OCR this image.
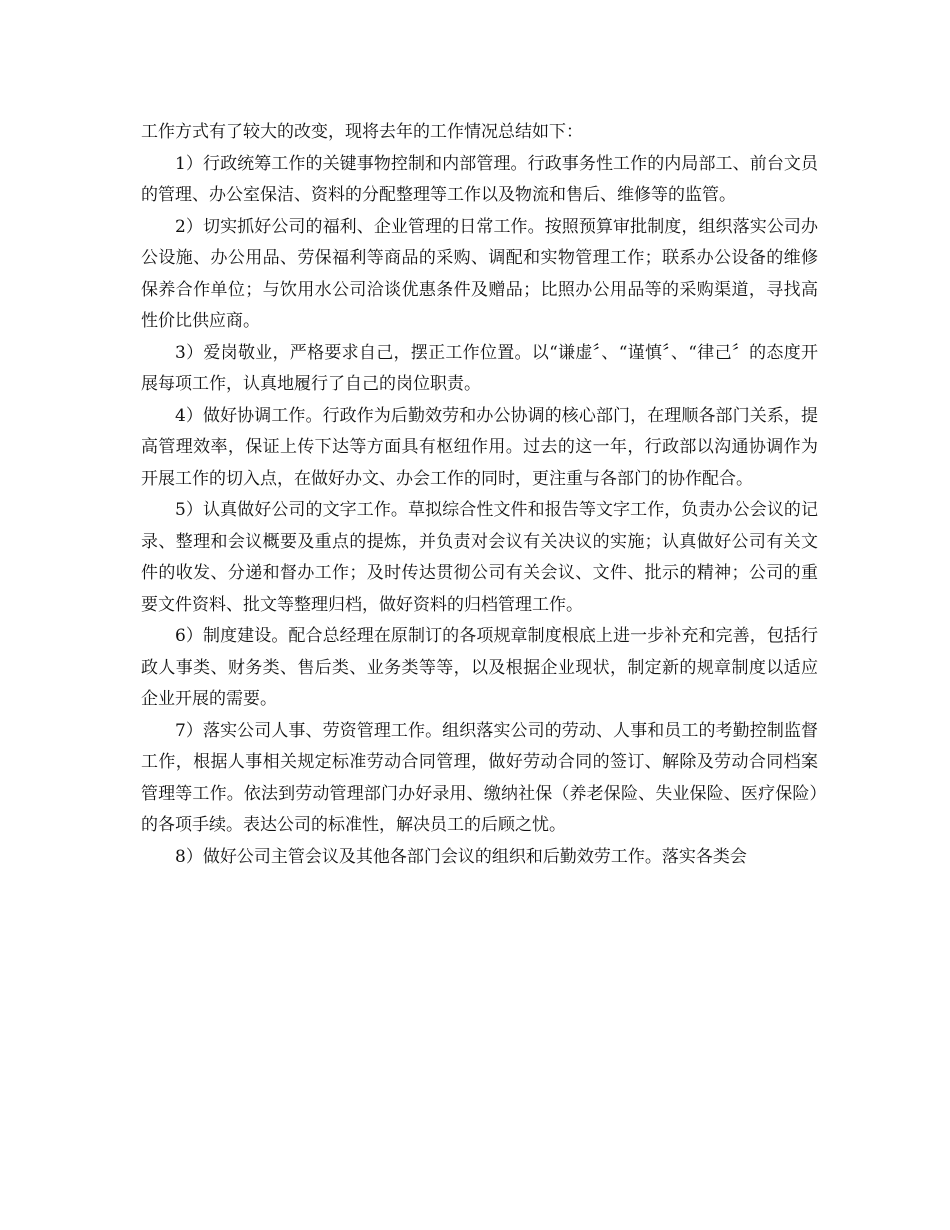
工作方式有了较大的改变，现将去年的工作情况总结如下：

1）行政统筹工作的关键事物控制和内部管理。行政事务性工作的内局部工、前台文员的管理、办公室保洁、资料的分配整理等工作以及物流和售后、维修等的监管。

2）切实抓好公司的福利、企业管理的日常工作。按照预算审批制度，组织落实公司办公设施、办公用品、劳保福利等商品的采购、调配和实物管理工作；联系办公设备的维修保养合作单位；与饮用水公司洽谈优惠条件及赠品；比照办公用品等的采购渠道，寻找高性价比供应商。

3）爱岗敬业，严格要求自己，摆正工作位置。以“谦虚〞、“谨慎〞、“律己〞的态度开展每项工作，认真地履行了自己的岗位职责。

4）做好协调工作。行政作为后勤效劳和办公协调的核心部门，在理顺各部门关系，提高管理效率，保证上传下达等方面具有枢纽作用。过去的这一年，行政部以沟通协调作为开展工作的切入点，在做好办文、办会工作的同时，更注重与各部门的协作配合。

5）认真做好公司的文字工作。草拟综合性文件和报告等文字工作，负责办公会议的记录、整理和会议概要及重点的提炼，并负责对会议有关决议的实施；认真做好公司有关文件的收发、分递和督办工作；及时传达贯彻公司有关会议、文件、批示的精神；公司的重要文件资料、批文等整理归档，做好资料的归档管理工作。

6）制度建设。配合总经理在原制订的各项规章制度根底上进一步补充和完善，包括行政人事类、财务类、售后类、业务类等等，以及根据企业现状，制定新的规章制度以适应企业开展的需要。

7）落实公司人事、劳资管理工作。组织落实公司的劳动、人事和员工的考勤控制监督工作，根据人事相关规定标准劳动合同管理，做好劳动合同的签订、解除及劳动合同档案管理等工作。依法到劳动管理部门办好录用、缴纳社保（养老保险、失业保险、医疗保险）的各项手续。表达公司的标准性，解决员工的后顾之忧。

8）做好公司主管会议及其他各部门会议的组织和后勤效劳工作。落实各类会
